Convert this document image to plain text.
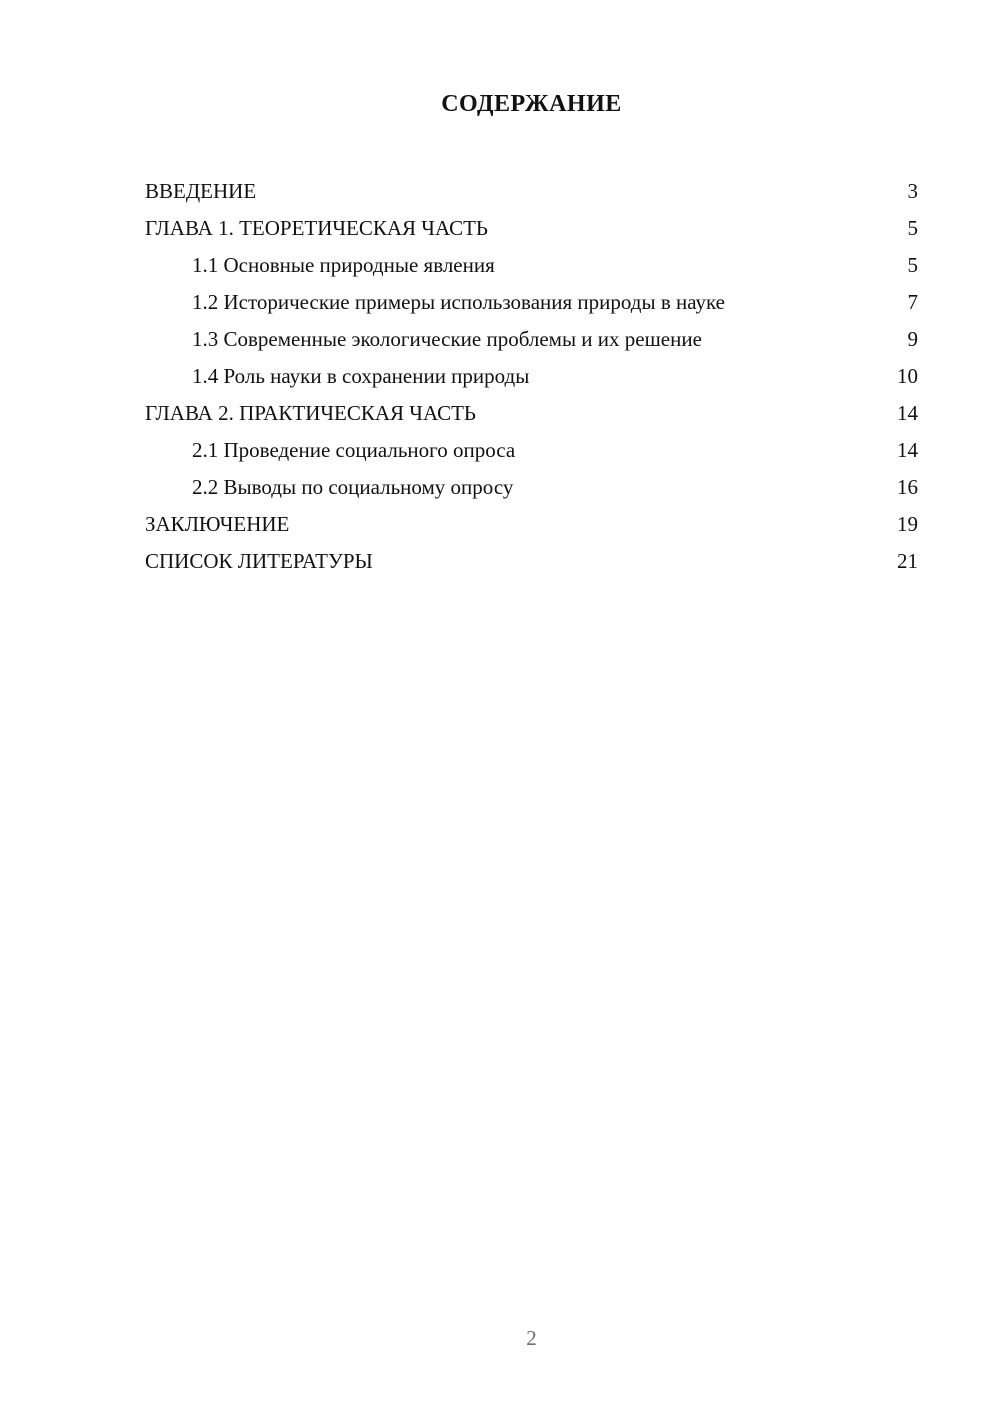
СОДЕРЖАНИЕ
ВВЕДЕНИЕ	3
ГЛАВА 1. ТЕОРЕТИЧЕСКАЯ ЧАСТЬ	5
1.1 Основные природные явления	5
1.2 Исторические примеры использования природы в науке	7
1.3 Современные экологические проблемы и их решение	9
1.4 Роль науки в сохранении природы	10
ГЛАВА 2. ПРАКТИЧЕСКАЯ ЧАСТЬ	14
2.1 Проведение социального опроса	14
2.2 Выводы по социальному опросу	16
ЗАКЛЮЧЕНИЕ	19
СПИСОК ЛИТЕРАТУРЫ	21
2
